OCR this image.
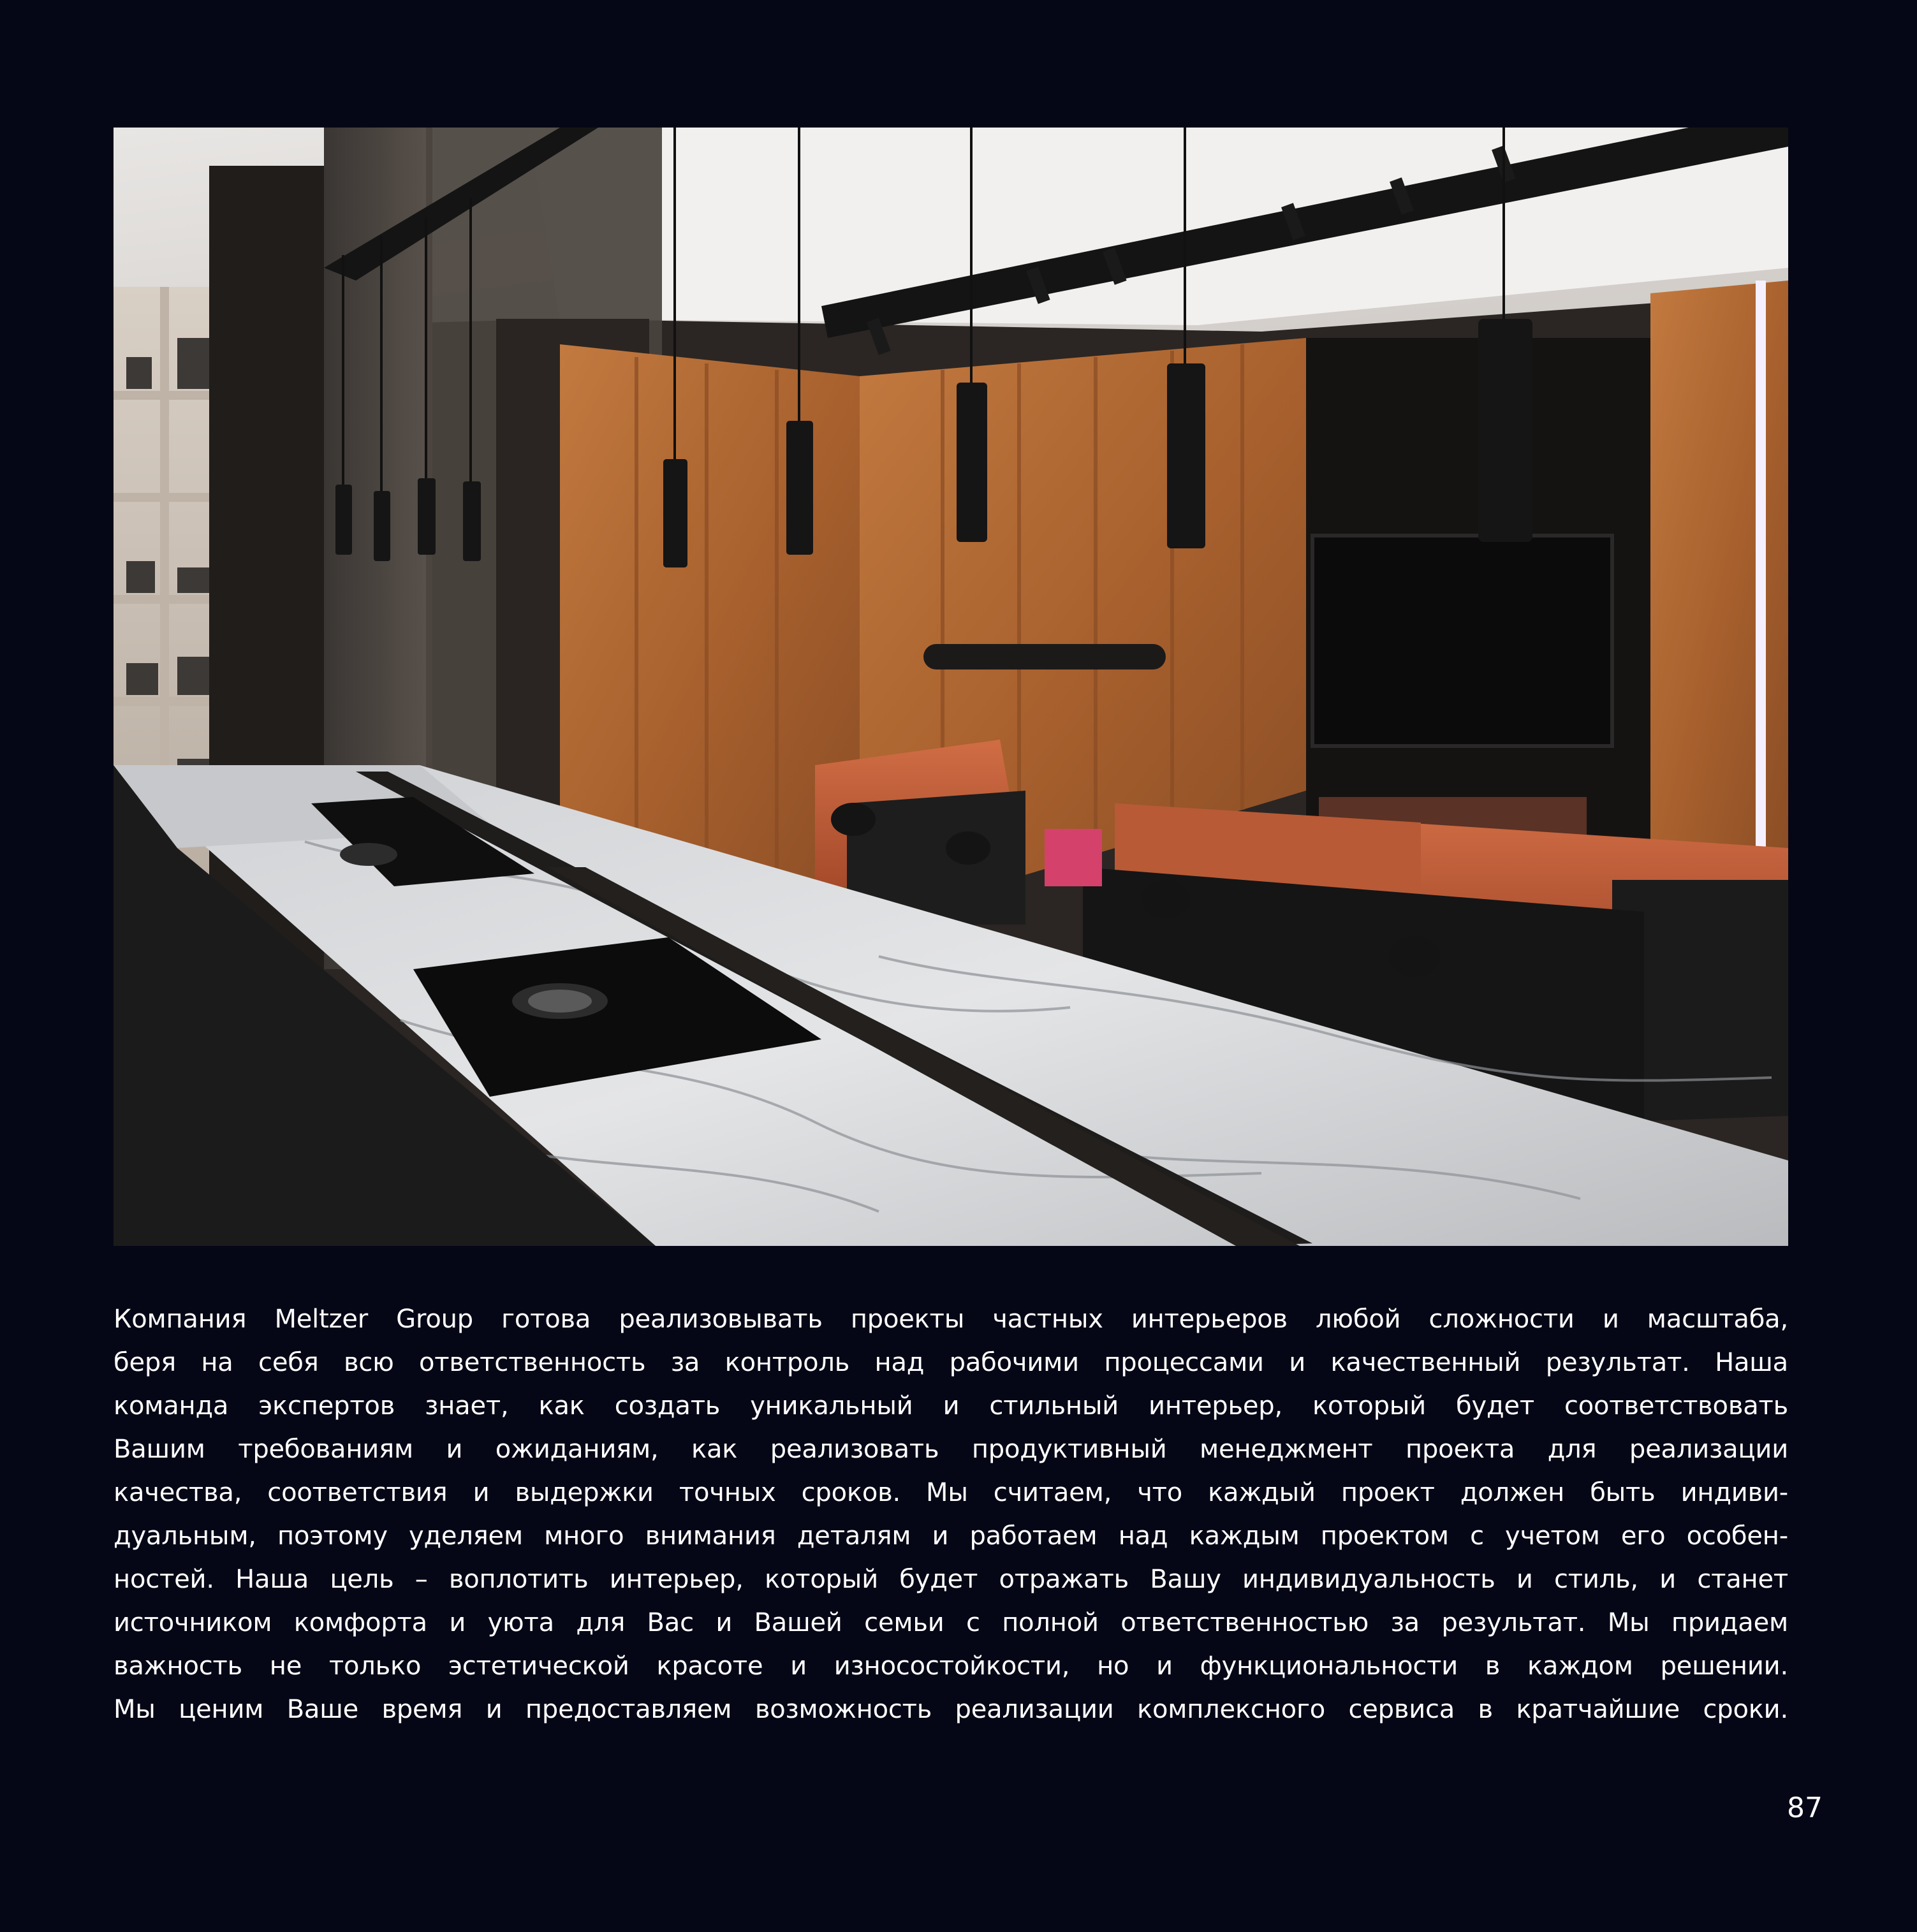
Компания Meltzer Group готова реализовывать проекты частных интерьеров любой сложности и масштаба,
беря на себя всю ответственность за контроль над рабочими процессами и качественный результат. Наша
команда экспертов знает, как создать уникальный и стильный интерьер, который будет соответствовать
Вашим требованиям и ожиданиям, как реализовать продуктивный менеджмент проекта для реализации
качества, соответствия и выдержки точных сроков. Мы считаем, что каждый проект должен быть индиви-
дуальным, поэтому уделяем много внимания деталям и работаем над каждым проектом с учетом его особен-
ностей. Наша цель – воплотить интерьер, который будет отражать Вашу индивидуальность и стиль, и станет
источником комфорта и уюта для Вас и Вашей семьи с полной ответственностью за результат. Мы придаем
важность не только эстетической красоте и износостойкости, но и функциональности в каждом решении.
Мы ценим Ваше время и предоставляем возможность реализации комплексного сервиса в кратчайшие сроки.
87
